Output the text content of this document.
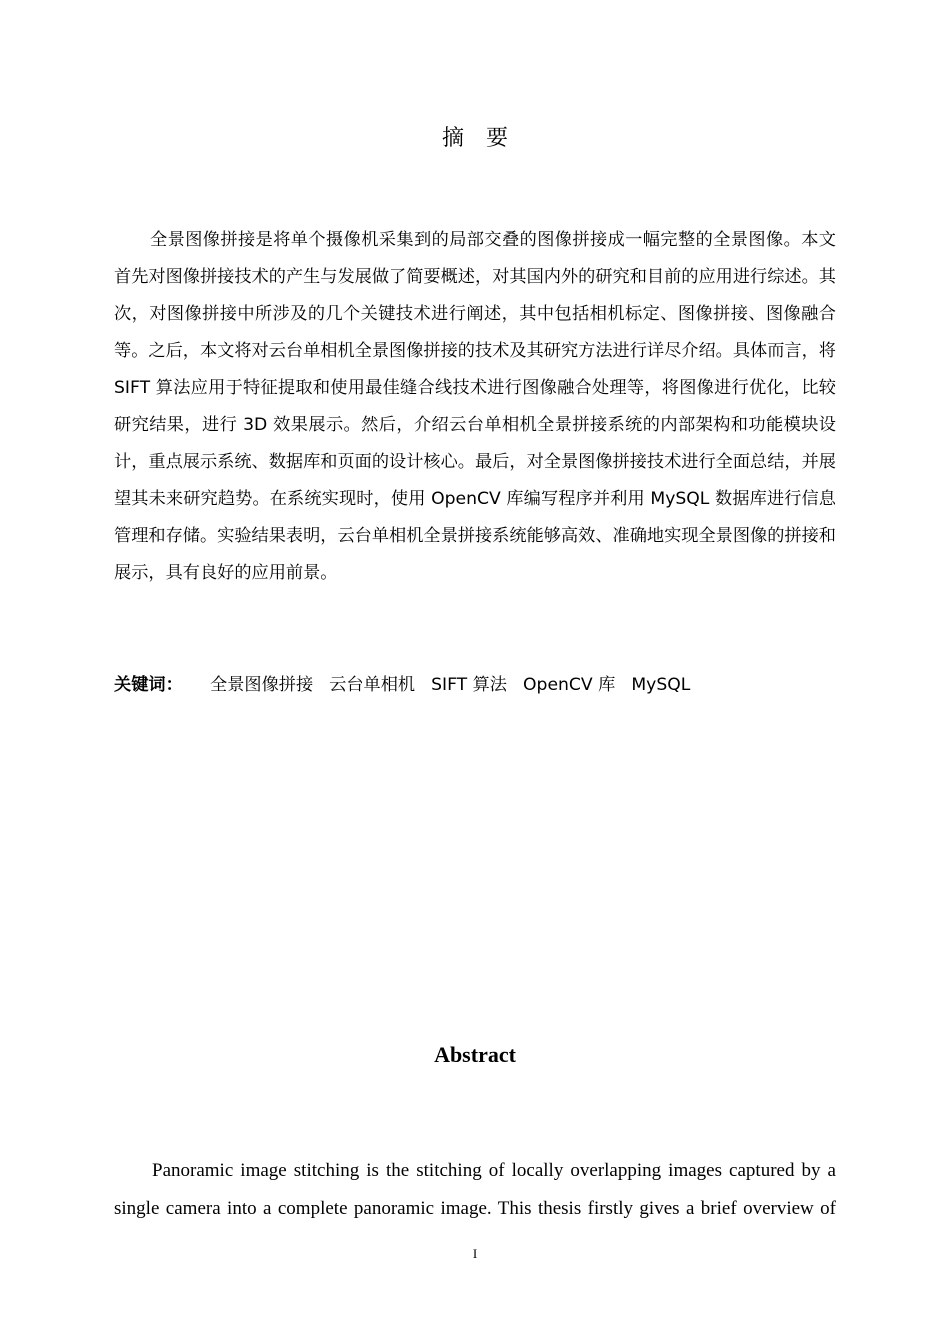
摘要

全景图像拼接是将单个摄像机采集到的局部交叠的图像拼接成一幅完整的全景图像。本文首先对图像拼接技术的产生与发展做了简要概述，对其国内外的研究和目前的应用进行综述。其次，对图像拼接中所涉及的几个关键技术进行阐述，其中包括相机标定、图像拼接、图像融合等。之后，本文将对云台单相机全景图像拼接的技术及其研究方法进行详尽介绍。具体而言，将 SIFT 算法应用于特征提取和使用最佳缝合线技术进行图像融合处理等，将图像进行优化，比较研究结果，进行 3D 效果展示。然后，介绍云台单相机全景拼接系统的内部架构和功能模块设计，重点展示系统、数据库和页面的设计核心。最后，对全景图像拼接技术进行全面总结，并展望其未来研究趋势。在系统实现时，使用 OpenCV 库编写程序并利用 MySQL 数据库进行信息管理和存储。实验结果表明，云台单相机全景拼接系统能够高效、准确地实现全景图像的拼接和展示，具有良好的应用前景。

关键词： 全景图像拼接 云台单相机 SIFT 算法 OpenCV 库 MySQL
Abstract

Panoramic image stitching is the stitching of locally overlapping images captured by a single camera into a complete panoramic image. This thesis firstly gives a brief overview of

I
